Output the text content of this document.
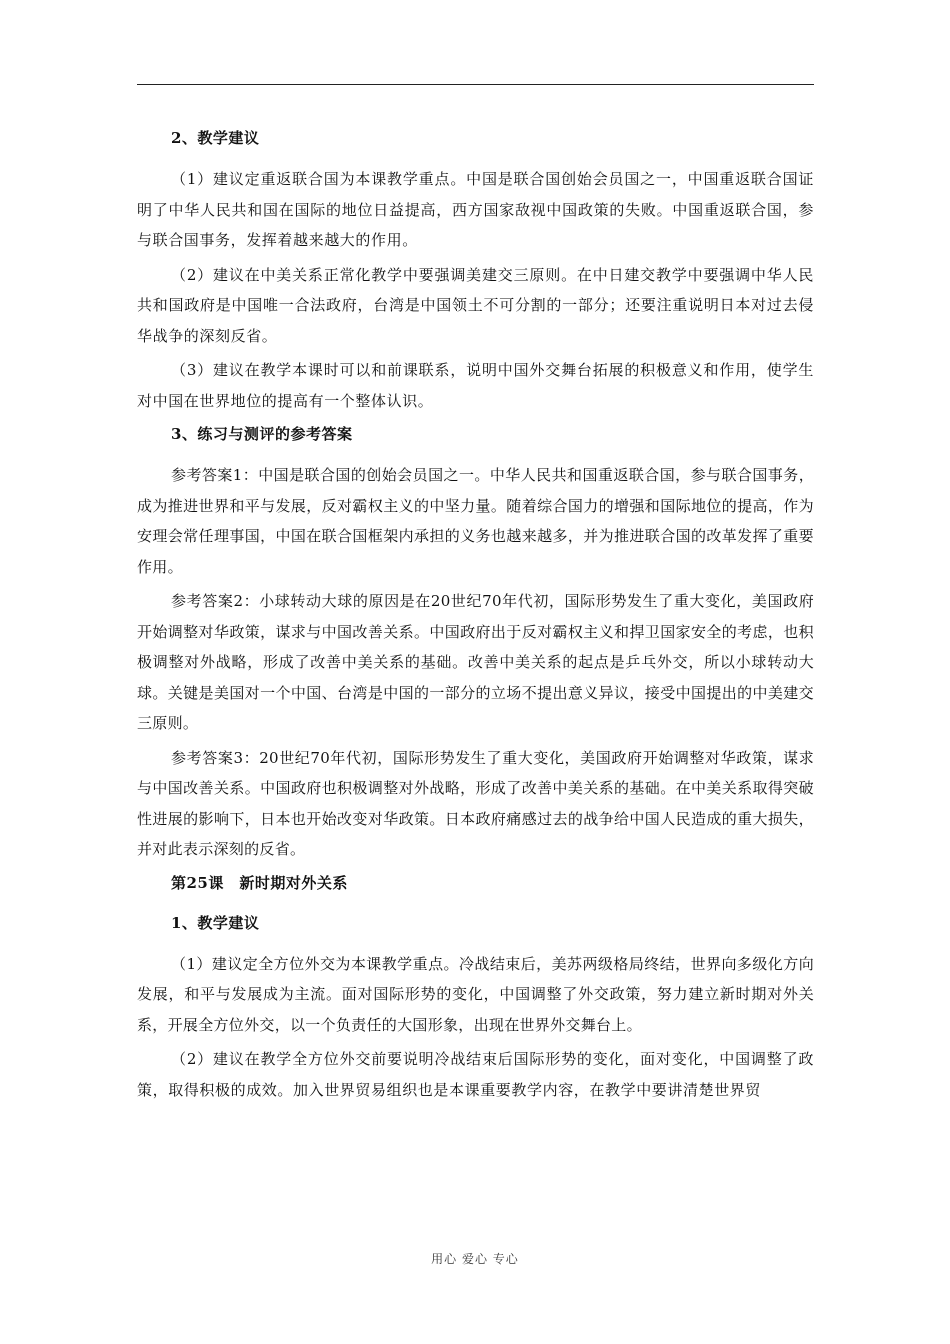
2、教学建议

（1）建议定重返联合国为本课教学重点。中国是联合国创始会员国之一，中国重返联合国证明了中华人民共和国在国际的地位日益提高，西方国家敌视中国政策的失败。中国重返联合国，参与联合国事务，发挥着越来越大的作用。

（2）建议在中美关系正常化教学中要强调美建交三原则。在中日建交教学中要强调中华人民共和国政府是中国唯一合法政府，台湾是中国领土不可分割的一部分；还要注重说明日本对过去侵华战争的深刻反省。

（3）建议在教学本课时可以和前课联系，说明中国外交舞台拓展的积极意义和作用，使学生对中国在世界地位的提高有一个整体认识。

3、练习与测评的参考答案

参考答案1：中国是联合国的创始会员国之一。中华人民共和国重返联合国，参与联合国事务，成为推进世界和平与发展，反对霸权主义的中坚力量。随着综合国力的增强和国际地位的提高，作为安理会常任理事国，中国在联合国框架内承担的义务也越来越多，并为推进联合国的改革发挥了重要作用。

参考答案2：小球转动大球的原因是在20世纪70年代初，国际形势发生了重大变化，美国政府开始调整对华政策，谋求与中国改善关系。中国政府出于反对霸权主义和捍卫国家安全的考虑，也积极调整对外战略，形成了改善中美关系的基础。改善中美关系的起点是乒乓外交，所以小球转动大球。关键是美国对一个中国、台湾是中国的一部分的立场不提出意义异议，接受中国提出的中美建交三原则。

参考答案3：20世纪70年代初，国际形势发生了重大变化，美国政府开始调整对华政策，谋求与中国改善关系。中国政府也积极调整对外战略，形成了改善中美关系的基础。在中美关系取得突破性进展的影响下，日本也开始改变对华政策。日本政府痛感过去的战争给中国人民造成的重大损失，并对此表示深刻的反省。

第25课　新时期对外关系

1、教学建议

（1）建议定全方位外交为本课教学重点。冷战结束后，美苏两级格局终结，世界向多级化方向发展，和平与发展成为主流。面对国际形势的变化，中国调整了外交政策，努力建立新时期对外关系，开展全方位外交，以一个负责任的大国形象，出现在世界外交舞台上。

（2）建议在教学全方位外交前要说明冷战结束后国际形势的变化，面对变化，中国调整了政策，取得积极的成效。加入世界贸易组织也是本课重要教学内容，在教学中要讲清楚世界贸

用心 爱心 专心
